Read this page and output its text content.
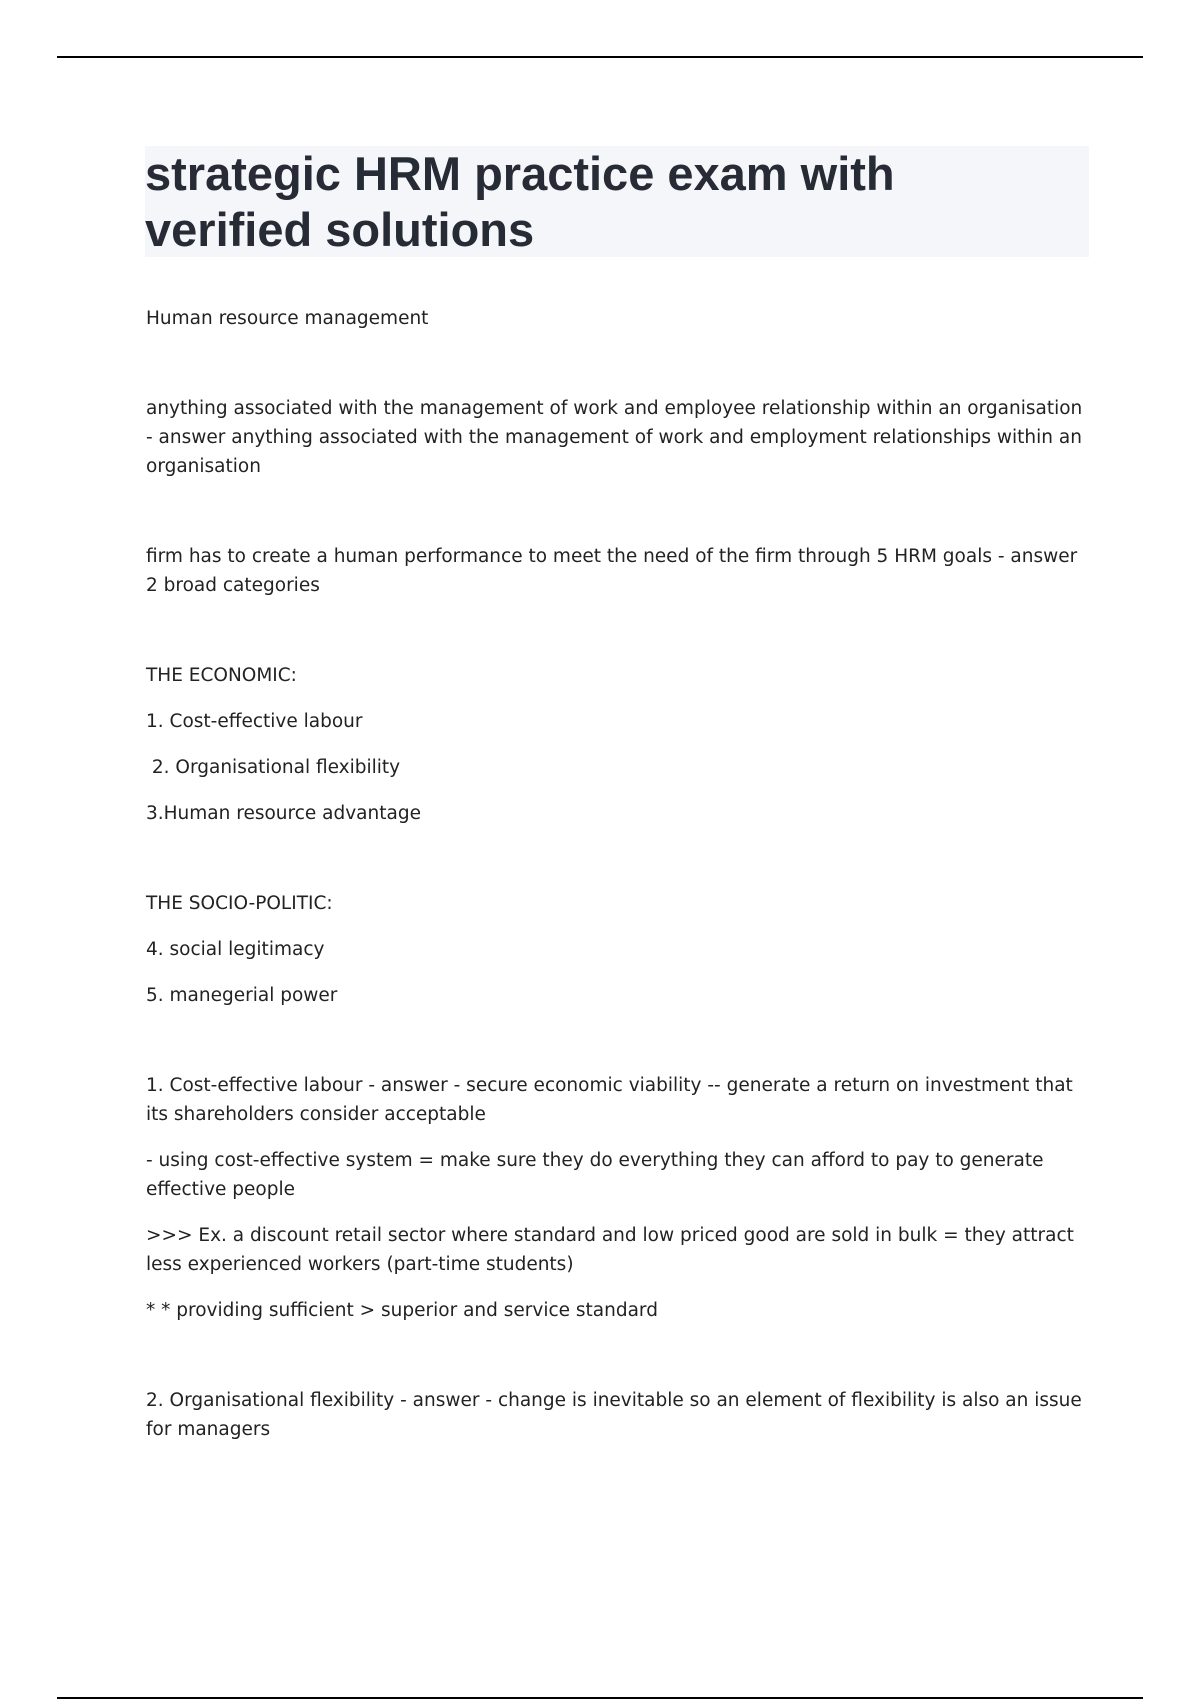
strategic HRM practice exam with verified solutions

Human resource management

anything associated with the management of work and employee relationship within an organisation - answer anything associated with the management of work and employment relationships within an organisation

firm has to create a human performance to meet the need of the firm through 5 HRM goals - answer 2 broad categories

THE ECONOMIC:

1. Cost-effective labour

2. Organisational flexibility

3.Human resource advantage

THE SOCIO-POLITIC:

4. social legitimacy

5. manegerial power

1. Cost-effective labour - answer - secure economic viability -- generate a return on investment that its shareholders consider acceptable

- using cost-effective system = make sure they do everything they can afford to pay to generate effective people

>>> Ex. a discount retail sector where standard and low priced good are sold in bulk = they attract less experienced workers (part-time students)

* * providing sufficient > superior and service standard

2. Organisational flexibility - answer - change is inevitable so an element of flexibility is also an issue for managers
